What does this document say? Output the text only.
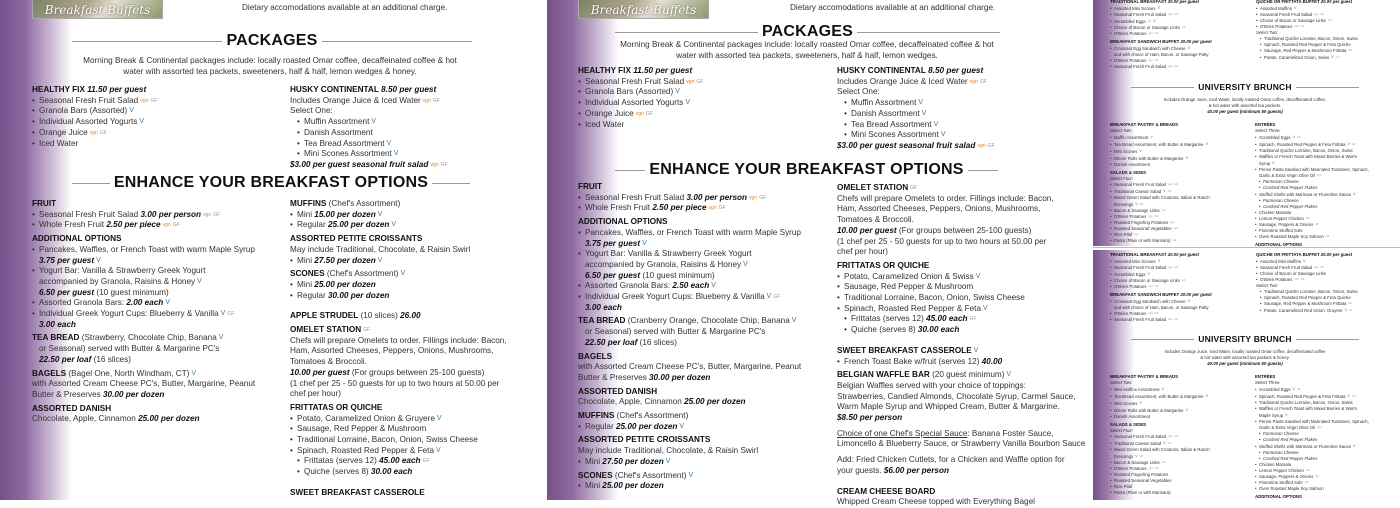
Breakfast Buffets	Dietary accomodations available at an additional charge.
PACKAGES
Morning Break & Continental packages include: locally roasted Omar coffee, decaffeinated coffee & hot
water with assorted tea packets, sweeteners, half & half, lemon wedges & honey.
HEALTHY FIX 11.50 per guest
• Seasonal Fresh Fruit Salad vgn GF
• Granola Bars (Assorted) V
• Individual Assorted Yogurts V
• Orange Juice vgn GF
• Iced Water
HUSKY CONTINENTAL 8.50 per guest
Includes Orange Juice & Iced Water vgn GF
Select One:
• Muffin Assortment V
• Danish Assortment
• Tea Bread Assortment V
• Mini Scones Assortment V
$3.00 per guest seasonal fruit salad vgn GF
ENHANCE YOUR BREAKFAST OPTIONS
FRUIT
• Seasonal Fresh Fruit Salad 3.00 per person vgn GF
• Whole Fresh Fruit 2.50 per piece vgn GF
ADDITIONAL OPTIONS
• Pancakes, Waffles, or French Toast with warm Maple Syrup
3.75 per guest V
• Yogurt Bar: Vanilla & Strawberry Greek Yogurt
accompanied by Granola, Raisins & Honey V
6.50 per guest (10 guest minimum)
• Assorted Granola Bars: 2.00 each V
• Individual Greek Yogurt Cups: Blueberry & Vanilla V GF
3.00 each
TEA BREAD (Strawberry, Chocolate Chip, Banana V
or Seasonal) served with Butter & Margarine PC's
22.50 per loaf (16 slices)
BAGELS (Bagel One, North Windham, CT) V
with Assorted Cream Cheese PC's, Butter, Margarine, Peanut
Butter & Preserves 30.00 per dozen
ASSORTED DANISH
Chocolate, Apple, Cinnamon 25.00 per dozen
MUFFINS (Chef's Assortment)
• Mini 15.00 per dozen V
• Regular 25.00 per dozen V
ASSORTED PETITE CROISSANTS
May include Traditional, Chocolate, & Raisin Swirl
• Mini 27.50 per dozen V
SCONES (Chef's Assortment) V
• Mini 25.00 per dozen
• Regular 30.00 per dozen
APPLE STRUDEL (10 slices) 26.00
OMELET STATION GF
Chefs will prepare Omelets to order. Fillings include: Bacon,
Ham, Assorted Cheeses, Peppers, Onions, Mushrooms,
Tomatoes & Broccoli.
10.00 per guest (For groups between 25-100 guests)
(1 chef per 25 - 50 guests for up to two hours at 50.00 per
chef per hour)
FRITTATAS OR QUICHE
• Potato, Caramelized Onion & Gruyere V
• Sausage, Red Pepper & Mushroom
• Traditional Lorraine, Bacon, Onion, Swiss Cheese
• Spinach, Roasted Red Pepper & Feta V
• Frittatas (serves 12) 45.00 each GF
• Quiche (serves 8) 30.00 each
SWEET BREAKFAST CASSEROLE
Breakfast Buffets	Dietary accomodations available at an additional charge.
PACKAGES
Morning Break & Continental packages include: locally roasted Omar coffee, decaffeinated coffee & hot
water with assorted tea packets, sweeteners, half & half, lemon wedges.
HEALTHY FIX 11.50 per guest
• Seasonal Fresh Fruit Salad vgn GF
• Granola Bars (Assorted) V
• Individual Assorted Yogurts V
• Orange Juice vgn GF
• Iced Water
HUSKY CONTINENTAL 8.50 per guest
Includes Orange Juice & Iced Water vgn GF
Select One:
• Muffin Assortment V
• Danish Assortment V
• Tea Bread Assortment V
• Mini Scones Assortment V
$3.00 per guest seasonal fruit salad vgn GF
ENHANCE YOUR BREAKFAST OPTIONS
FRUIT
• Seasonal Fresh Fruit Salad 3.00 per person vgn GF
• Whole Fresh Fruit 2.50 per piece vgn GF
ADDITIONAL OPTIONS
• Pancakes, Waffles, or French Toast with warm Maple Syrup
3.75 per guest V
• Yogurt Bar: Vanilla & Strawberry Greek Yogurt
accompanied by Granola, Raisins & Honey V
6.50 per guest (10 guest minimum)
• Assorted Granola Bars: 2.50 each V
• Individual Greek Yogurt Cups: Blueberry & Vanilla V GF
3.00 each
TEA BREAD (Cranberry Orange, Chocolate Chip, Banana V
or Seasonal) served with Butter & Margarine PC's
22.50 per loaf (16 slices)
BAGELS
with Assorted Cream Cheese PC's, Butter, Margarine, Peanut
Butter & Preserves 30.00 per dozen
ASSORTED DANISH
Chocolate, Apple, Cinnamon 25.00 per dozen
MUFFINS (Chef's Assortment)
• Regular 25.00 per dozen V
ASSORTED PETITE CROISSANTS
May include Traditional, Chocolate, & Raisin Swirl
• Mini 27.50 per dozen V
SCONES (Chef's Assortment) V
• Mini 25.00 per dozen
OMELET STATION GF
Chefs will prepare Omelets to order. Fillings include: Bacon,
Ham, Assorted Cheeses, Peppers, Onions, Mushrooms,
Tomatoes & Broccoli.
10.00 per guest (For groups between 25-100 guests)
(1 chef per 25 - 50 guests for up to two hours at 50.00 per
chef per hour)
FRITTATAS OR QUICHE
• Potato, Caramelized Onion & Swiss V
• Sausage, Red Pepper & Mushroom
• Traditional Lorraine, Bacon, Onion, Swiss Cheese
• Spinach, Roasted Red Pepper & Feta V
• Frittatas (serves 12) 45.00 each GF
• Quiche (serves 8) 30.00 each
SWEET BREAKFAST CASSEROLE V
• French Toast Bake w/fruit (serves 12) 40.00
BELGIAN WAFFLE BAR (20 guest minimum) V
Belgian Waffles served with your choice of toppings:
Strawberries, Candied Almonds, Chocolate Syrup, Carmel Sauce,
Warm Maple Syrup and Whipped Cream, Butter & Margarine.
$8.50 per person
Choice of one Chef's Special Sauce: Banana Foster Sauce,
Limoncello & Blueberry Sauce, or Strawberry Vanilla Bourbon Sauce
Add: Fried Chicken Cutlets, for a Chicken and Waffle option for
your guests. $6.00 per person
CREAM CHEESE BOARD
Whipped Cream Cheese topped with Everything Bagel
TRADITIONAL BREAKFAST 20.00 per guest
• Assorted Mini Scones $^V$
• Seasonal Fresh Fruit Salad $^{vgn}$ $^{GF}$
• Scrambled Eggs $^{GF}$ $^V$
• Choice of Bacon or Sausage Links $^{GF}$
• O'Brien Potatoes $^{vgn}$ $^{GF}$
BREAKFAST SANDWICH BUFFET 20.00 per guest
• Croissant Egg Sandwich with Cheese $^V$
and with choice of Ham, Bacon, or Sausage Patty
• O'Brien Potatoes $^{vgn}$ $^{GF}$
• Seasonal Fresh Fruit Salad $^{vgn}$ $^{GF}$
QUICHE OR FRITTATA BUFFET 20.00 per guest
• Assorted Muffins $^V$
• Seasonal Fresh Fruit Salad $^{vgn}$ $^{GF}$
• Choice of Bacon or Sausage Links $^{GF}$
• O'Brien Potatoes $^{vgn}$ $^{GF}$
Select Two:
• Traditional Quiche Lorraine, Bacon, Onion, Swiss
• Spinach, Roasted Red Pepper & Feta Quiche
• Sausage, Red Pepper & Mushroom Frittata $^{GF}$
• Potato, Caramelized Onion, Swiss $^V$ $^{GF}$
UNIVERSITY BRUNCH
Includes Orange Juice, Iced Water, locally roasted Omar coffee, decaffeinated coffee,
& hot water with assorted tea packets.
40.00 per guest (minimum 50 guests)
BREAKFAST PASTRY & BREADS
Select Two:
• Muffin Assortment $^V$
• Tea Bread Assortment, with Butter & Margarine $^V$
• Mini Scones $^V$
• Dinner Rolls with Butter & Margarine $^V$
• Danish Assortment
SALADS & SIDES
Select Four:
• Seasonal Fresh Fruit Salad $^{vgn}$ $^{GF}$
• Traditional Caesar Salad $^V$ $^{GF}$
• Mixed Green Salad with Croutons, Italian & Ranch
Dressings $^V$ $^{GF}$
• Bacon & Sausage Links $^{GF}$
• O'Brien Potatoes $^{vgn}$ $^{GF}$
• Roasted Fingerling Potatoes $^{vgn}$
• Roasted Seasonal Vegetables $^{vgn}$
• Rice Pilaf $^{vgn}$
• Pasta (Plain or with Marinara) $^{vgn}$
ENTRÉES
Select Three:
• Scrambled Eggs $^V$ $^{GF}$
• Spinach, Roasted Red Pepper & Feta Frittata $^V$ $^{GF}$
• Traditional Quiche Lorraine, Bacon, Onion, Swiss
• Waffles or French Toast with Mixed Berries & Warm
Syrup $^V$
• Penne Pasta Sautéed with Marinated Tomatoes, Spinach,
Garlic & Extra Virgin Olive Oil $^{vgn}$
• Parmesan Cheese
• Crushed Red Pepper Flakes
• Stuffed Shells with Marinara or Florentine Sauce $^V$
• Parmesan Cheese
• Crushed Red Pepper Flakes
• Chicken Marsala
• Lemon Pepper Chicken $^{GF}$
• Sausage, Peppers & Onions $^{GF}$
• Florentine Stuffed Sole
• Oven Roasted Maple Soy Salmon $^{GF}$
ADDITIONAL OPTIONS
TRADITIONAL BREAKFAST 20.00 per guest
• Assorted Mini Scones $^V$
• Seasonal Fresh Fruit Salad $^{vgn}$ $^{GF}$
• Scrambled Eggs $^V$
• Choice of Bacon or Sausage Links $^{GF}$
• O'Brien Potatoes $^{vgn}$ $^{GF}$
BREAKFAST SANDWICH BUFFET 20.00 per guest
• Croissant Egg Sandwich with Cheese $^V$
and with choice of Ham, Bacon, or Sausage Patty
• O'Brien Potatoes $^{vgn}$ $^{GF}$
• Seasonal Fresh Fruit Salad $^{vgn}$ $^{GF}$
QUICHE OR FRITTATA BUFFET 20.00 per guest
• Assorted Mini Muffins $^V$
• Seasonal Fresh Fruit Salad $^{vgn}$ $^{GF}$
• Choice of Bacon or Sausage Links
• O'Brien Potatoes $^{vgn}$ $^{GF}$
Select Two:
• Traditional Quiche Lorraine, Bacon, Onion, Swiss
• Spinach, Roasted Red Pepper & Feta Quiche
• Sausage, Red Pepper & Mushroom Frittata $^{GF}$
• Potato, Caramelized Red Onion, Gruyere $^V$ $^{GF}$
UNIVERSITY BRUNCH
Includes Orange Juice, Iced Water, locally roasted Omar coffee, decaffeinated coffee
& hot water with assorted tea packets & honey.
40.00 per guest (minimum 50 guests)
BREAKFAST PASTRY & BREADS
Select Two:
• Mini Muffins Assortment $^V$
• Tea Bread Assortment, with Butter & Margarine $^V$
• Mini Scones $^V$
• Dinner Rolls with Butter & Margarine $^V$
• Danish Assortment
SALADS & SIDES
Select Four:
• Seasonal Fresh Fruit Salad $^{vgn}$ $^{GF}$
• Traditional Caesar Salad $^V$ $^{GF}$
• Mixed Green Salad with Croutons, Italian & Ranch
Dressings $^V$ $^{GF}$
• Bacon & Sausage Links $^{GF}$
• O'Brien Potatoes $^{vgn}$ $^{GF}$
• Roasted Fingerling Potatoes
• Roasted Seasonal Vegetables
• Rice Pilaf
• Pasta (Plain or with Marinara)
ENTRÉES
Select Three:
• Scrambled Eggs $^V$ $^{GF}$
• Spinach, Roasted Red Pepper & Feta Frittata $^V$ $^{GF}$
• Traditional Quiche Lorraine, Bacon, Onion, Swiss
• Waffles or French Toast with Mixed Berries & Warm
Maple Syrup $^V$
• Penne Pasta Sautéed with Marinated Tomatoes, Spinach,
Garlic & Extra Virgin Olive Oil $^{vgn}$
• Parmesan Cheese
• Crushed Red Pepper Flakes
• Stuffed Shells with Marinara or Florentine Sauce $^V$
• Parmesan Cheese
• Crushed Red Pepper Flakes
• Chicken Marsala
• Lemon Pepper Chicken $^{GF}$
• Sausage, Peppers & Onions $^{GF}$
• Florentine Stuffed Sole $^{GF}$
• Oven Roasted Maple Soy Salmon
ADDITIONAL OPTIONS
